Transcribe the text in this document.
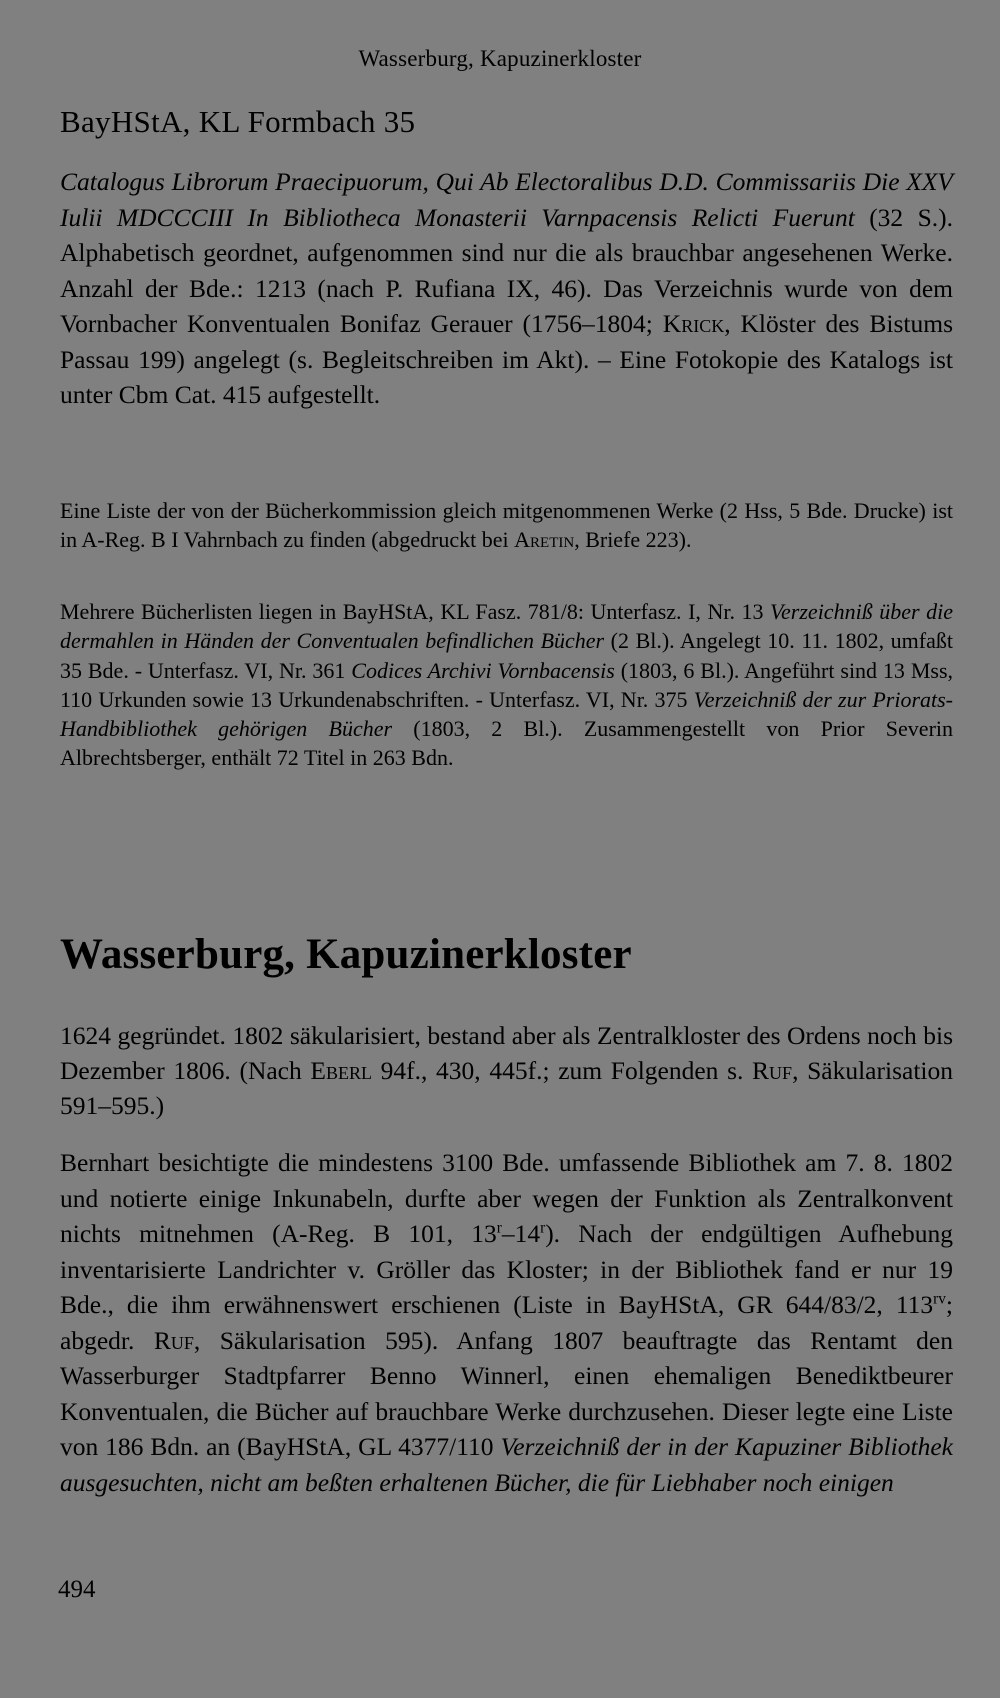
Wasserburg, Kapuzinerkloster
BayHStA, KL Formbach 35

Catalogus Librorum Praecipuorum, Qui Ab Electoralibus D.D. Commissariis Die XXV Iulii MDCCCIII In Bibliotheca Monasterii Varnpacensis Relicti Fuerunt (32 S.). Alphabetisch geordnet, aufgenommen sind nur die als brauchbar angesehenen Werke. Anzahl der Bde.: 1213 (nach P. Rufiana IX, 46). Das Verzeichnis wurde von dem Vornbacher Konventualen Bonifaz Gerauer (1756–1804; Krick, Klöster des Bistums Passau 199) angelegt (s. Begleitschreiben im Akt). – Eine Fotokopie des Katalogs ist unter Cbm Cat. 415 aufgestellt.

Eine Liste der von der Bücherkommission gleich mitgenommenen Werke (2 Hss, 5 Bde. Drucke) ist in A-Reg. B I Vahrnbach zu finden (abgedruckt bei Aretin, Briefe 223).

Mehrere Bücherlisten liegen in BayHStA, KL Fasz. 781/8: Unterfasz. I, Nr. 13 Verzeichniß über die dermahlen in Händen der Conventualen befindlichen Bücher (2 Bl.). Angelegt 10. 11. 1802, umfaßt 35 Bde. - Unterfasz. VI, Nr. 361 Codices Archivi Vornbacensis (1803, 6 Bl.). Angeführt sind 13 Mss, 110 Urkunden sowie 13 Urkundenabschriften. - Unterfasz. VI, Nr. 375 Verzeichniß der zur Priorats-Handbibliothek gehörigen Bücher (1803, 2 Bl.). Zusammengestellt von Prior Severin Albrechtsberger, enthält 72 Titel in 263 Bdn.

Wasserburg, Kapuzinerkloster

1624 gegründet. 1802 säkularisiert, bestand aber als Zentralkloster des Ordens noch bis Dezember 1806. (Nach Eberl 94f., 430, 445f.; zum Folgenden s. Ruf, Säkularisation 591–595.)

Bernhart besichtigte die mindestens 3100 Bde. umfassende Bibliothek am 7. 8. 1802 und notierte einige Inkunabeln, durfte aber wegen der Funktion als Zentralkonvent nichts mitnehmen (A-Reg. B 101, 13$^r$–14$^r$). Nach der endgültigen Aufhebung inventarisierte Landrichter v. Gröller das Kloster; in der Bibliothek fand er nur 19 Bde., die ihm erwähnenswert erschienen (Liste in BayHStA, GR 644/83/2, $113^{rv}$; abgedr. Ruf, Säkularisation 595). Anfang 1807 beauftragte das Rentamt den Wasserburger Stadtpfarrer Benno Winnerl, einen ehemaligen Benediktbeurer Konventualen, die Bücher auf brauchbare Werke durchzusehen. Dieser legte eine Liste von 186 Bdn. an (BayHStA, GL 4377/110 Verzeichniß der in der Kapuziner Bibliothek ausgesuchten, nicht am beßten erhaltenen Bücher, die für Liebhaber noch einigen

494
